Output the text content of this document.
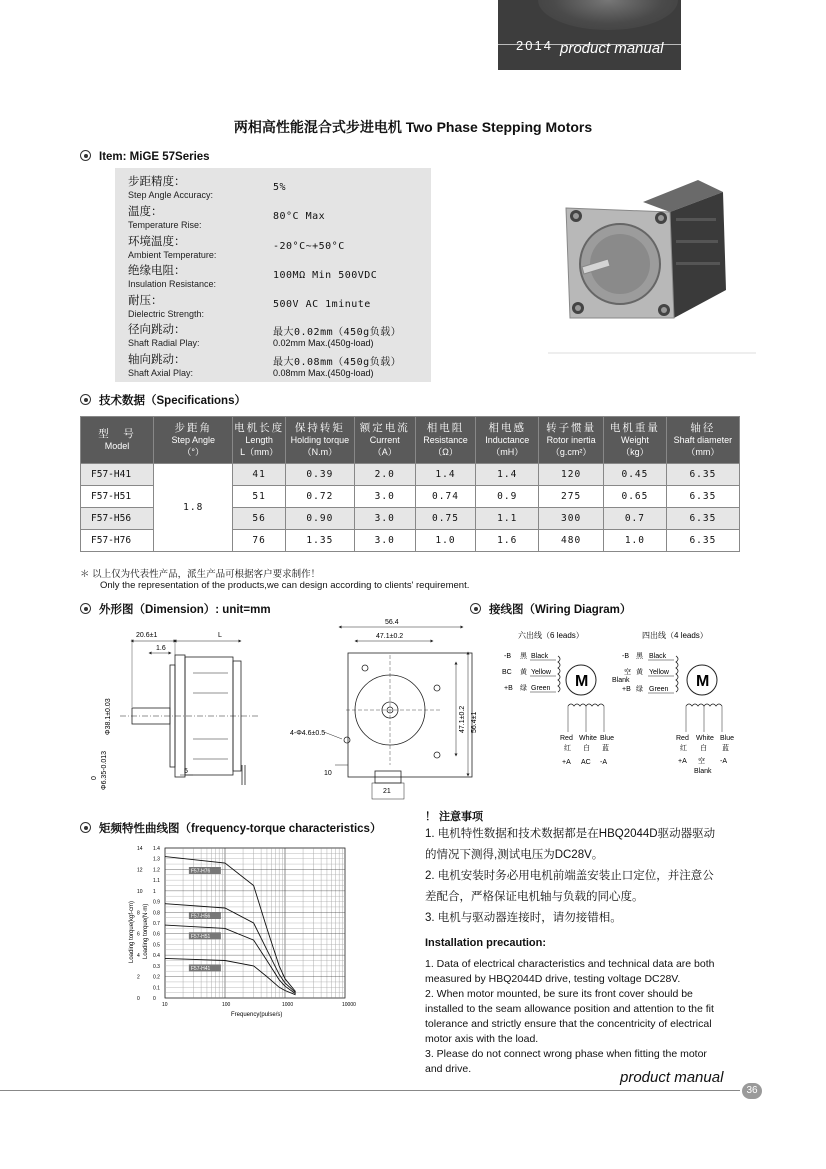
2014 product manual
两相高性能混合式步进电机 Two Phase Stepping Motors
Item: MiGE 57Series
步距精度：
Step Angle Accuracy:
5%
温度：
Temperature Rise:
80°C Max
环境温度：
Ambient Temperature:
-20°C~+50°C
绝缘电阻：
Insulation Resistance:
100MΩ Min 500VDC
耐压：
Dielectric Strength:
500V AC 1minute
径向跳动：
Shaft Radial Play:
最大0.02mm（450g负载）
0.02mm Max.(450g-load)
轴向跳动：
Shaft Axial Play:
最大0.08mm（450g负载）
0.08mm Max.(450g-load)
技术数据（Specifications）
型　号
Model	步距角
Step Angle
（°）	电机长度
Length
L（mm）	保持转矩
Holding torque
（N.m）	额定电流
Current
（A）	相电阻
Resistance
（Ω）	相电感
Inductance
（mH）	转子惯量
Rotor inertia
（g.cm²）	电机重量
Weight
（kg）	轴径
Shaft diameter
（mm）
F57-H41	1.8	41	0.39	2.0	1.4	1.4	120	0.45	6.35
F57-H51		51	0.72	3.0	0.74	0.9	275	0.65	6.35
F57-H56		56	0.90	3.0	0.75	1.1	300	0.7	6.35
F57-H76		76	1.35	3.0	1.0	1.6	480	1.0	6.35
＊ 以上仅为代表性产品，派生产品可根据客户要求制作！
Only the representation of the products,we can design according to clients' requirement.
外形图（Dimension）: unit=mm
20.6±1	L
1.6
Φ38.1±0.03
0 Φ6.35-0.013	5
56.4
47.1±0.2
47.1±0.2 56.4±1
4-Φ4.6±0.5
10
21
接线图（Wiring Diagram）
六出线（6 leads）	四出线（4 leads）
-B 黑 Black
BC 黄 Yellow
+B 绿 Green M
Red White Blue
红 白 蓝
+A AC -A
-B 黑 Black
空 黄 Yellow
Blank
+B 绿 Green M
Red White Blue
红 白 蓝
+A 空 -A
Blank
矩频特性曲线图（frequency-torque characteristics）
F57-H76
F57-H56
F57-H51
F57-H41
10	100	1000	10000
0
2
4
6
8
10
12
14
0
0.1
0.2
0.3
0.4
0.5
0.6
0.7
0.8
0.9
1
1.1
1.2
1.3
1.4
Frequency(pulse/s)
Loading torque(kgf-cm) Loading torque(N·m)
！ 注意事项
1. 电机特性数据和技术数据都是在HBQ2044D驱动器驱动
的情况下测得,测试电压为DC28V。
2. 电机安装时务必用电机前端盖安装止口定位，并注意公
差配合，严格保证电机轴与负载的同心度。
3. 电机与驱动器连接时，请勿接错相。
Installation precaution:
1. Data of electrical characteristics and technical data are both
measured by HBQ2044D drive, testing voltage DC28V.
2. When motor mounted, be sure its front cover should be
installed to the seam allowance position and attention to the fit
tolerance and strictly ensure that the concentricity of electrical
motor axis with the load.
3. Please do not connect wrong phase when fitting the motor
and drive.	product manual
36
